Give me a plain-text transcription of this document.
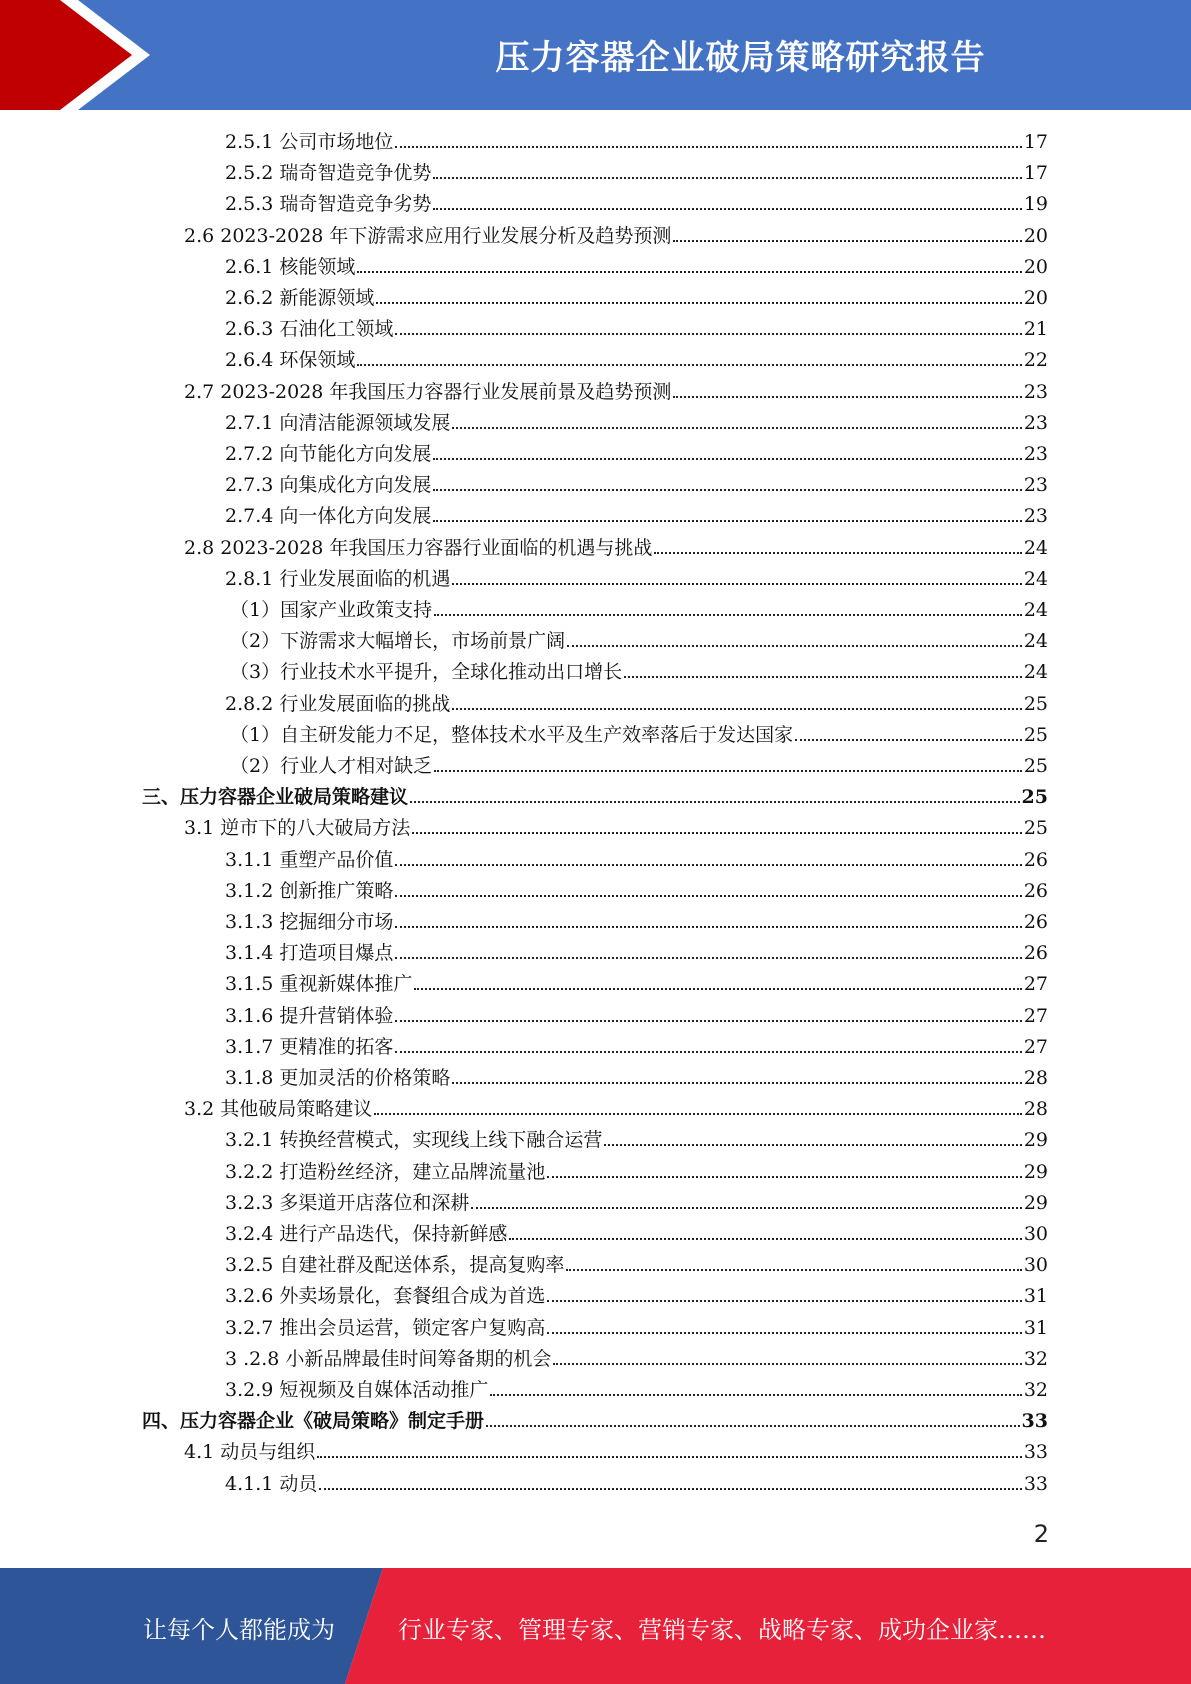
压力容器企业破局策略研究报告
2.5.1 公司市场地位	17
2.5.2 瑞奇智造竞争优势	17
2.5.3 瑞奇智造竞争劣势	19
2.6 2023-2028 年下游需求应用行业发展分析及趋势预测	20
2.6.1 核能领域	20
2.6.2 新能源领域	20
2.6.3 石油化工领域	21
2.6.4 环保领域	22
2.7 2023-2028 年我国压力容器行业发展前景及趋势预测	23
2.7.1 向清洁能源领域发展	23
2.7.2 向节能化方向发展	23
2.7.3 向集成化方向发展	23
2.7.4 向一体化方向发展	23
2.8 2023-2028 年我国压力容器行业面临的机遇与挑战	24
2.8.1 行业发展面临的机遇	24
（1）国家产业政策支持	24
（2）下游需求大幅增长，市场前景广阔	24
（3）行业技术水平提升，全球化推动出口增长	24
2.8.2 行业发展面临的挑战	25
（1）自主研发能力不足，整体技术水平及生产效率落后于发达国家	25
（2）行业人才相对缺乏	25
三、压力容器企业破局策略建议	25
3.1 逆市下的八大破局方法	25
3.1.1 重塑产品价值	26
3.1.2 创新推广策略	26
3.1.3 挖掘细分市场	26
3.1.4 打造项目爆点	26
3.1.5 重视新媒体推广	27
3.1.6 提升营销体验	27
3.1.7 更精准的拓客	27
3.1.8 更加灵活的价格策略	28
3.2 其他破局策略建议	28
3.2.1 转换经营模式，实现线上线下融合运营	29
3.2.2 打造粉丝经济，建立品牌流量池	29
3.2.3 多渠道开店落位和深耕	29
3.2.4 进行产品迭代，保持新鲜感	30
3.2.5 自建社群及配送体系，提高复购率	30
3.2.6 外卖场景化，套餐组合成为首选	31
3.2.7 推出会员运营，锁定客户复购高	31
3 .2.8 小新品牌最佳时间筹备期的机会	32
3.2.9 短视频及自媒体活动推广	32
四、压力容器企业《破局策略》制定手册	33
4.1 动员与组织	33
4.1.1 动员	33
2
让每个人都能成为	行业专家、管理专家、营销专家、战略专家、成功企业家……
